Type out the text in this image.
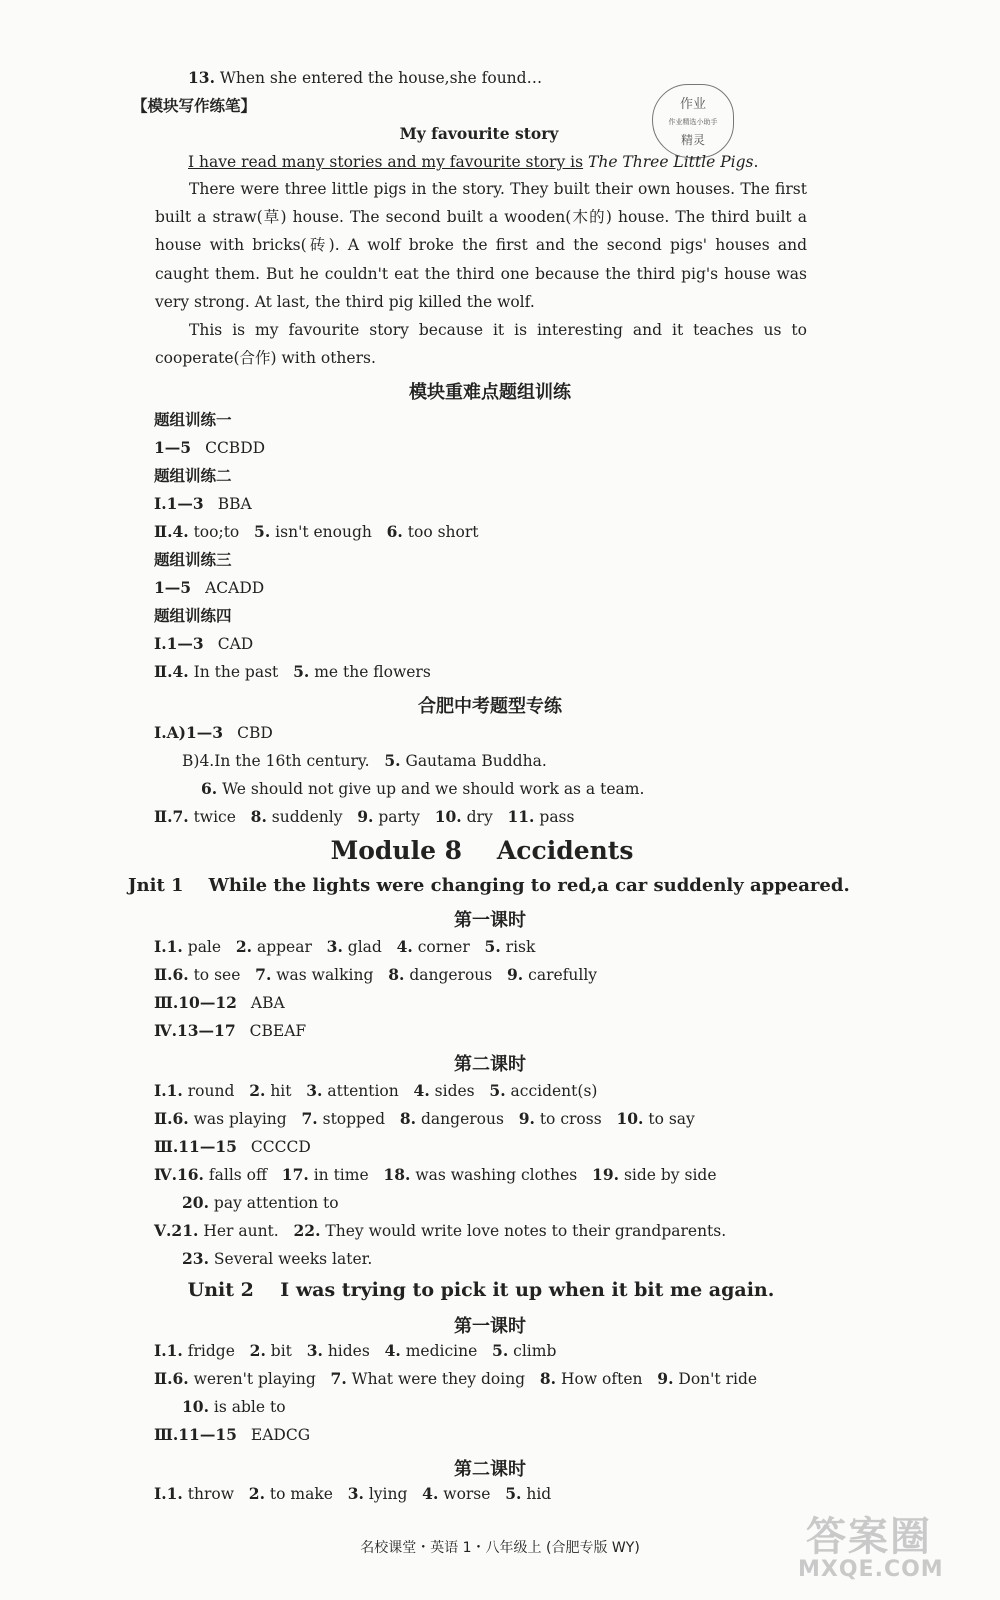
13. When she entered the house,she found…
【模块写作练笔】	作业
作业精选小助手
精灵
My favourite story
I have read many stories and my favourite story is The Three Little Pigs.

There were three little pigs in the story. They built their own houses. The first built a straw(草) house. The second built a wooden(木的) house. The third built a house with bricks(砖). A wolf broke the first and the second pigs' houses and caught them. But he couldn't eat the third one because the third pig's house was very strong. At last, the third pig killed the wolf.

This is my favourite story because it is interesting and it teaches us to cooperate(合作) with others.

模块重难点题组训练
题组训练一
1—5 CCBDD
题组训练二
Ⅰ.1—3 BBA
Ⅱ.4. too;to 5. isn't enough 6. too short
题组训练三
1—5 ACADD
题组训练四
Ⅰ.1—3 CAD
Ⅱ.4. In the past 5. me the flowers
合肥中考题型专练
Ⅰ.A)1—3 CBD
B)4.In the 16th century. 5. Gautama Buddha.
6. We should not give up and we should work as a team.
Ⅱ.7. twice 8. suddenly 9. party 10. dry 11. pass
Module 8    Accidents
Jnit 1    While the lights were changing to red,a car suddenly appeared.
第一课时
Ⅰ.1. pale 2. appear 3. glad 4. corner 5. risk
Ⅱ.6. to see 7. was walking 8. dangerous 9. carefully
Ⅲ.10—12 ABA
Ⅳ.13—17 CBEAF
第二课时
Ⅰ.1. round 2. hit 3. attention 4. sides 5. accident(s)
Ⅱ.6. was playing 7. stopped 8. dangerous 9. to cross 10. to say
Ⅲ.11—15 CCCCD
Ⅳ.16. falls off 17. in time 18. was washing clothes 19. side by side
20. pay attention to
Ⅴ.21. Her aunt. 22. They would write love notes to their grandparents.
23. Several weeks later.
Unit 2    I was trying to pick it up when it bit me again.
第一课时
Ⅰ.1. fridge 2. bit 3. hides 4. medicine 5. climb
Ⅱ.6. weren't playing 7. What were they doing 8. How often 9. Don't ride
10. is able to
Ⅲ.11—15 EADCG
第二课时
Ⅰ.1. throw 2. to make 3. lying 4. worse 5. hid
答案圈
MXQE.COM
名校课堂・英语 1・八年级上 (合肥专版 WY)
